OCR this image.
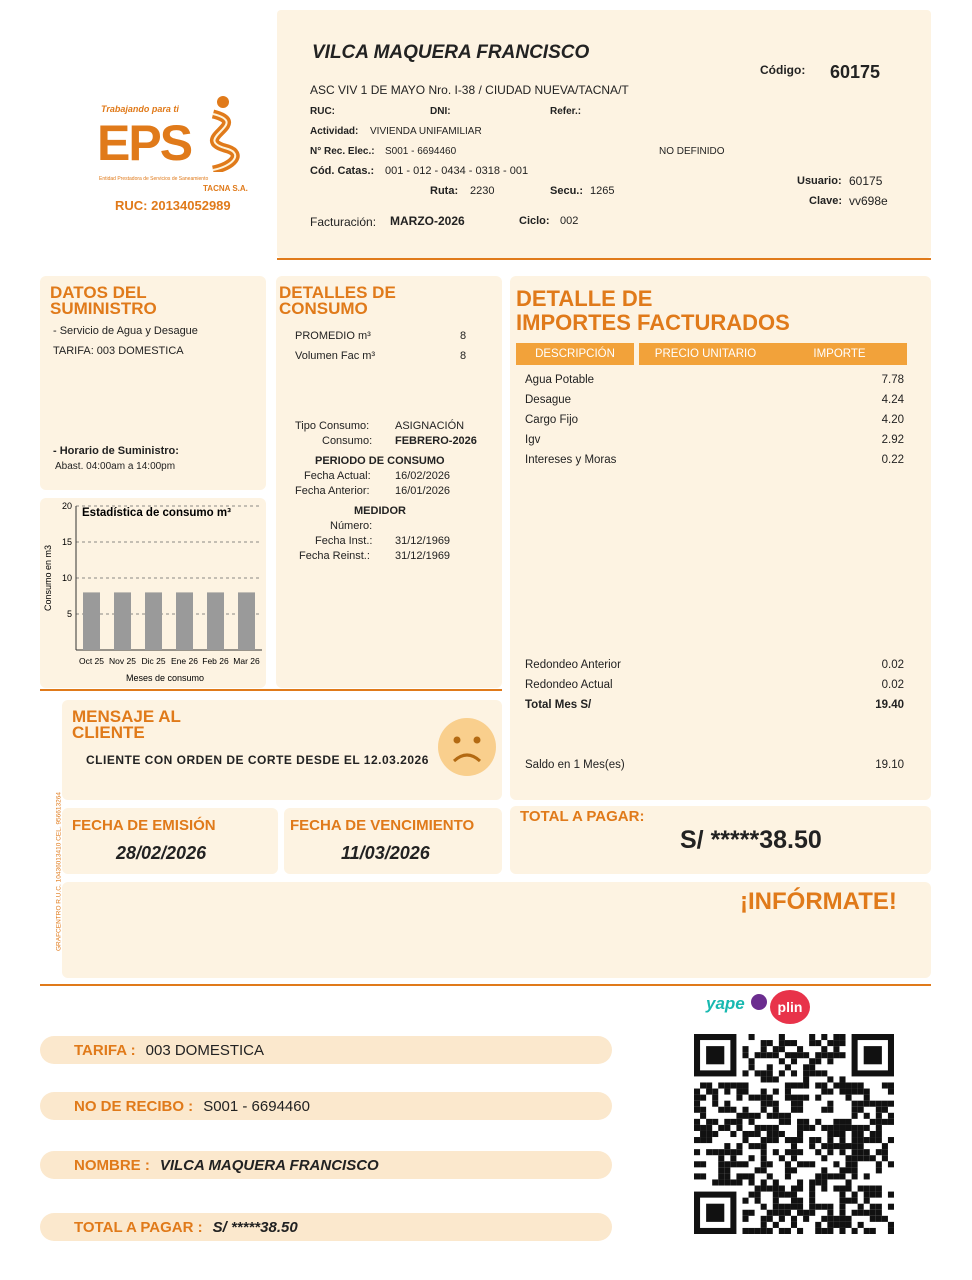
Trabajando para ti
EPS
Entidad Prestadora de Servicios de Saneamiento
TACNA S.A.
RUC: 20134052989
VILCA MAQUERA FRANCISCO
ASC VIV 1 DE MAYO Nro. I-38 / CIUDAD NUEVA/TACNA/T
Código: 60175
RUC:	DNI:	Refer.:
Actividad: VIVIENDA UNIFAMILIAR
N° Rec. Elec.: S001 - 6694460	NO DEFINIDO
Cód. Catas.: 001 - 012 - 0434 - 0318 - 001
Ruta: 2230	Secu.: 1265
Usuario: 60175
Clave: vv698e
Facturación: MARZO-2026	Ciclo: 002
DATOS DEL
SUMINISTRO
- Servicio de Agua y Desague
TARIFA: 003 DOMESTICA
- Horario de Suministro:
Abast. 04:00am a 14:00pm
5
10
15
20
Oct 25 Nov 25 Dic 25 Ene 26 Feb 26 Mar 26
Estadística de consumo m³
Meses de consumo
Consumo en m3
DETALLES DE
CONSUMO
PROMEDIO m³	8
Volumen Fac m³	8
Tipo Consumo: ASIGNACIÓN
Consumo: FEBRERO-2026
PERIODO DE CONSUMO
Fecha Actual: 16/02/2026
Fecha Anterior: 16/01/2026
MEDIDOR
Número:
Fecha Inst.: 31/12/1969
Fecha Reinst.: 31/12/1969
DETALLE DE
IMPORTES FACTURADOS
DESCRIPCIÓN	PRECIO UNITARIO	IMPORTE
Agua Potable	7.78
Desague	4.24
Cargo Fijo	4.20
Igv	2.92
Intereses y Moras	0.22
Redondeo Anterior	0.02
Redondeo Actual	0.02
Total Mes S/	19.40
Saldo en 1 Mes(es)	19.10
MENSAJE AL
CLIENTE
CLIENTE CON ORDEN DE CORTE DESDE EL 12.03.2026
FECHA DE EMISIÓN
28/02/2026
FECHA DE VENCIMIENTO
11/03/2026
TOTAL A PAGAR:
S/ *****38.50
¡INFÓRMATE!
GRAFCENTRO R.U.C. 10436013410 CEL. 956613264
yape	plin
TARIFA : 003 DOMESTICA
NO DE RECIBO : S001 - 6694460
NOMBRE : VILCA MAQUERA FRANCISCO
TOTAL A PAGAR : S/ *****38.50
